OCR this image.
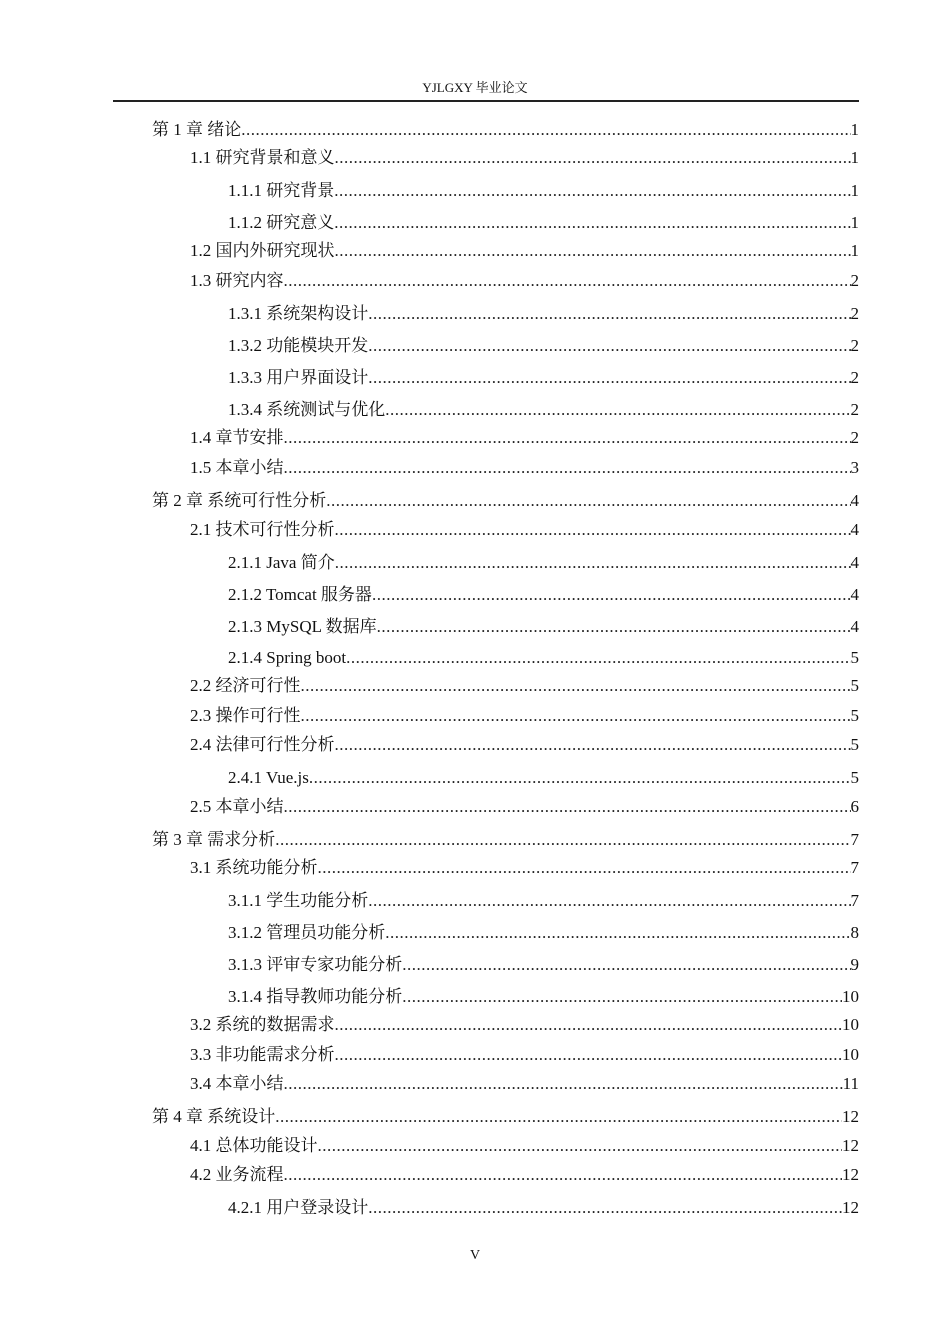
YJLGXY 毕业论文
第 1 章 绪论 .....	1
1.1 研究背景和意义 .....	1
1.1.1 研究背景 .....	1
1.1.2 研究意义 .....	1
1.2 国内外研究现状 .....	1
1.3 研究内容 .....	2
1.3.1 系统架构设计 .....	2
1.3.2 功能模块开发 .....	2
1.3.3 用户界面设计 .....	2
1.3.4 系统测试与优化 .....	2
1.4 章节安排 .....	2
1.5 本章小结 .....	3
第 2 章 系统可行性分析 .....	4
2.1 技术可行性分析 .....	4
2.1.1 Java 简介 .....	4
2.1.2 Tomcat 服务器 .....	4
2.1.3 MySQL 数据库 .....	4
2.1.4 Spring boot .....	5
2.2 经济可行性 .....	5
2.3 操作可行性 .....	5
2.4 法律可行性分析 .....	5
2.4.1 Vue.js .....	5
2.5 本章小结 .....	6
第 3 章 需求分析 .....	7
3.1 系统功能分析 .....	7
3.1.1 学生功能分析 .....	7
3.1.2 管理员功能分析 .....	8
3.1.3 评审专家功能分析 .....	9
3.1.4 指导教师功能分析 .....	10
3.2 系统的数据需求 .....	10
3.3 非功能需求分析 .....	10
3.4 本章小结 .....	11
第 4 章 系统设计 .....	12
4.1 总体功能设计 .....	12
4.2 业务流程 .....	12
4.2.1 用户登录设计 .....	12
V
